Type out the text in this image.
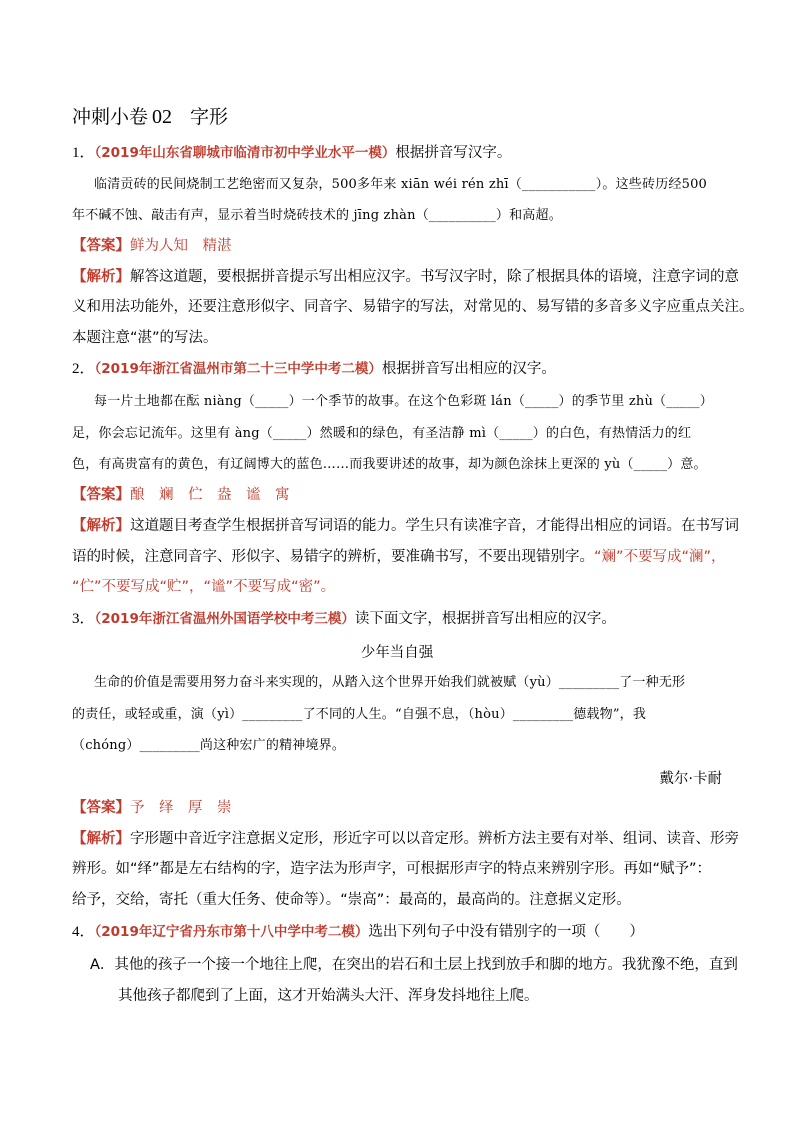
冲刺小卷 02 字形
1．（2019年山东省聊城市临清市初中学业水平一模）根据拼音写汉字。
临清贡砖的民间烧制工艺绝密而又复杂，500多年来 xiān wéi rén zhī（___________）。这些砖历经500
年不碱不蚀、敲击有声，显示着当时烧砖技术的 jīng zhàn（__________）和高超。
【答案】鲜为人知　精湛
【解析】解答这道题，要根据拼音提示写出相应汉字。书写汉字时，除了根据具体的语境，注意字词的意
义和用法功能外，还要注意形似字、同音字、易错字的写法，对常见的、易写错的多音多义字应重点关注。
本题注意“湛”的写法。
2．（2019年浙江省温州市第二十三中学中考二模）根据拼音写出相应的汉字。
每一片土地都在酝 niàng（_____）一个季节的故事。在这个色彩斑 lán（_____）的季节里 zhù（_____）
足，你会忘记流年。这里有 àng（_____）然暖和的绿色，有圣洁静 mì（_____）的白色，有热情活力的红
色，有高贵富有的黄色，有辽阔博大的蓝色……而我要讲述的故事，却为颜色涂抹上更深的 yù（_____）意。
【答案】酿　斓　伫　盎　谧　寓
【解析】这道题目考查学生根据拼音写词语的能力。学生只有读准字音，才能得出相应的词语。在书写词
语的时候，注意同音字、形似字、易错字的辨析，要准确书写，不要出现错别字。“斓”不要写成“澜”，
“伫”不要写成“贮”，“谧”不要写成“密”。
3．（2019年浙江省温州外国语学校中考三模）读下面文字，根据拼音写出相应的汉字。
少年当自强
生命的价值是需要用努力奋斗来实现的，从踏入这个世界开始我们就被赋（yù）_________了一种无形
的责任，或轻或重，演（yì）_________了不同的人生。“自强不息，（hòu）_________德载物”，我
（chóng）_________尚这种宏广的精神境界。
戴尔·卡耐
【答案】予　绎　厚　崇
【解析】字形题中音近字注意据义定形，形近字可以以音定形。辨析方法主要有对举、组词、读音、形旁
辨形。如“绎”都是左右结构的字，造字法为形声字，可根据形声字的特点来辨别字形。再如“赋予”：
给予，交给，寄托（重大任务、使命等）。“崇高”：最高的，最高尚的。注意据义定形。
4．（2019年辽宁省丹东市第十八中学中考二模）选出下列句子中没有错别字的一项（　　）
A．其他的孩子一个接一个地往上爬，在突出的岩石和土层上找到放手和脚的地方。我犹豫不绝，直到
其他孩子都爬到了上面，这才开始满头大汗、浑身发抖地往上爬。
